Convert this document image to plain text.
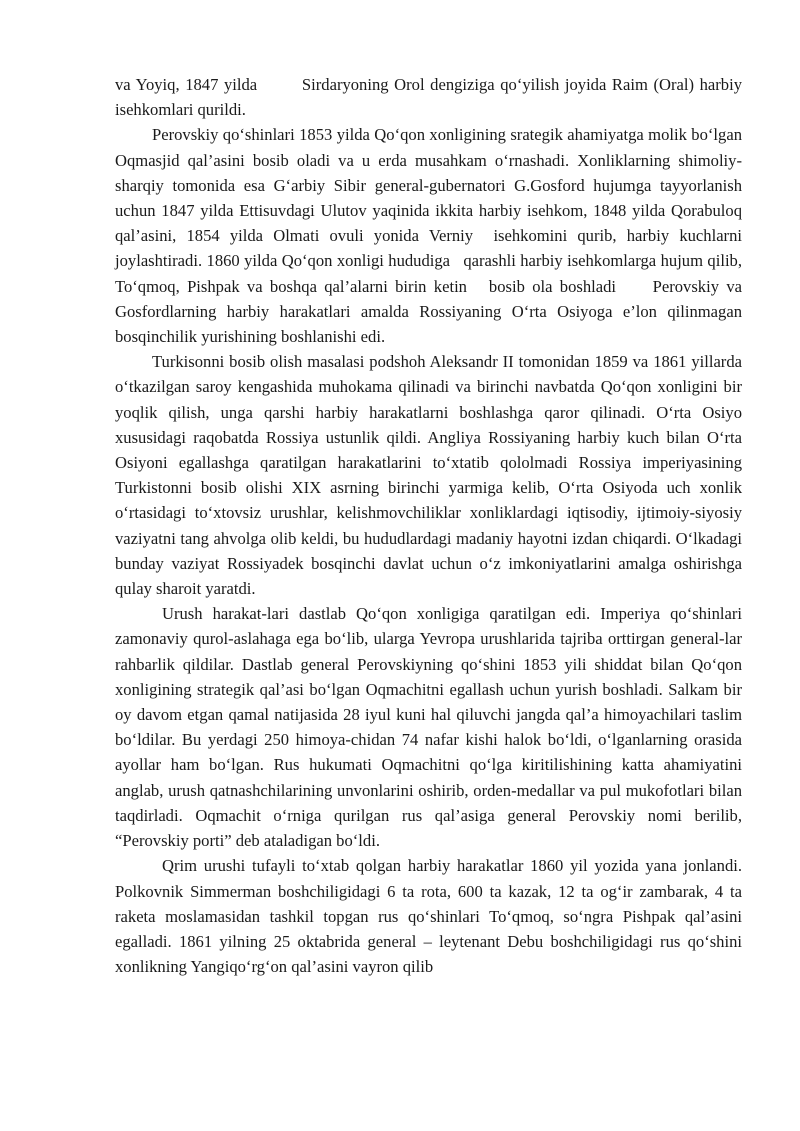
va Yoyiq, 1847 yilda        Sirdaryoning Orol dengiziga qo‘yilish joyida Raim (Oral) harbiy isehkomlari qurildi.

Perovskiy qo‘shinlari 1853 yilda Qo‘qon xonligining srategik ahamiyatga molik bo‘lgan   Oqmasjid qal’asini bosib oladi va u erda musahkam o‘rnashadi. Xonliklarning shimoliy-sharqiy tomonida esa G‘arbiy Sibir general-gubernatori G.Gosford hujumga tayyorlanish uchun 1847 yilda Ettisuvdagi Ulutov yaqinida ikkita harbiy isehkom, 1848 yilda Qorabuloq qal’asini, 1854 yilda Olmati ovuli yonida Verniy  isehkomini qurib, harbiy kuchlarni joylashtiradi. 1860 yilda Qo‘qon xonligi hududiga   qarashli harbiy isehkomlarga hujum qilib, To‘qmoq, Pishpak va boshqa qal’alarni birin ketin   bosib ola boshladi     Perovskiy va Gosfordlarning harbiy harakatlari amalda Rossiyaning O‘rta Osiyoga e’lon qilinmagan bosqinchilik yurishining boshlanishi edi.

Turkisonni bosib olish masalasi podshoh Aleksandr II tomonidan 1859 va 1861 yillarda o‘tkazilgan saroy kengashida muhokama qilinadi va birinchi navbatda Qo‘qon xonligini bir yoqlik qilish, unga qarshi harbiy harakatlarni boshlashga qaror qilinadi. O‘rta Osiyo xususidagi raqobatda Rossiya ustunlik qildi. Angliya Rossiyaning harbiy kuch bilan O‘rta Osiyoni egallashga qaratilgan harakatlarini to‘xtatib qololmadi Rossiya imperiyasining Turkistonni bosib olishi XIX asrning birinchi yarmiga kelib, O‘rta Osiyoda uch xonlik o‘rtasidagi to‘xtovsiz urushlar, kelishmovchiliklar xonliklardagi iqtisodiy, ijtimoiy-siyosiy vaziyatni tang ahvolga olib keldi, bu hududlardagi madaniy hayotni izdan chiqardi. O‘lkadagi bunday vaziyat Rossiyadek bosqinchi davlat uchun o‘z imkoniyatlarini amalga oshirishga qulay sharoit yaratdi.

Urush harakat-lari dastlab Qo‘qon xonligiga qaratilgan edi. Imperiya qo‘shinlari zamonaviy qurol-aslahaga ega bo‘lib, ularga Yevropa urushlarida tajriba orttirgan general-lar rahbarlik qildilar. Dastlab general Perovskiyning qo‘shini 1853 yili shiddat bilan Qo‘qon xonligining strategik qal’asi bo‘lgan Oqmachitni egallash uchun yurish boshladi. Salkam bir oy davom etgan qamal natijasida 28 iyul kuni hal qiluvchi jangda qal’a himoyachilari taslim bo‘ldilar. Bu yerdagi 250 himoya-chidan 74 nafar kishi halok bo‘ldi, o‘lganlarning orasida ayollar ham bo‘lgan. Rus hukumati Oqmachitni qo‘lga kiritilishining katta ahamiyatini anglab, urush qatnashchilarining unvonlarini oshirib, orden-medallar va pul mukofotlari bilan taqdirladi. Oqmachit o‘rniga qurilgan rus qal’asiga general Perovskiy nomi berilib, “Perovskiy porti” deb ataladigan bo‘ldi.

Qrim urushi tufayli to‘xtab qolgan harbiy harakatlar 1860 yil yozida yana jonlandi. Polkovnik Simmerman boshchiligidagi 6 ta rota, 600 ta kazak, 12 ta og‘ir zambarak, 4 ta raketa moslamasidan tashkil topgan rus qo‘shinlari To‘qmoq, so‘ngra Pishpak qal’asini egalladi. 1861 yilning 25 oktabrida general – leytenant Debu boshchiligidagi rus qo‘shini xonlikning Yangiqo‘rg‘on qal’asini vayron qilib
